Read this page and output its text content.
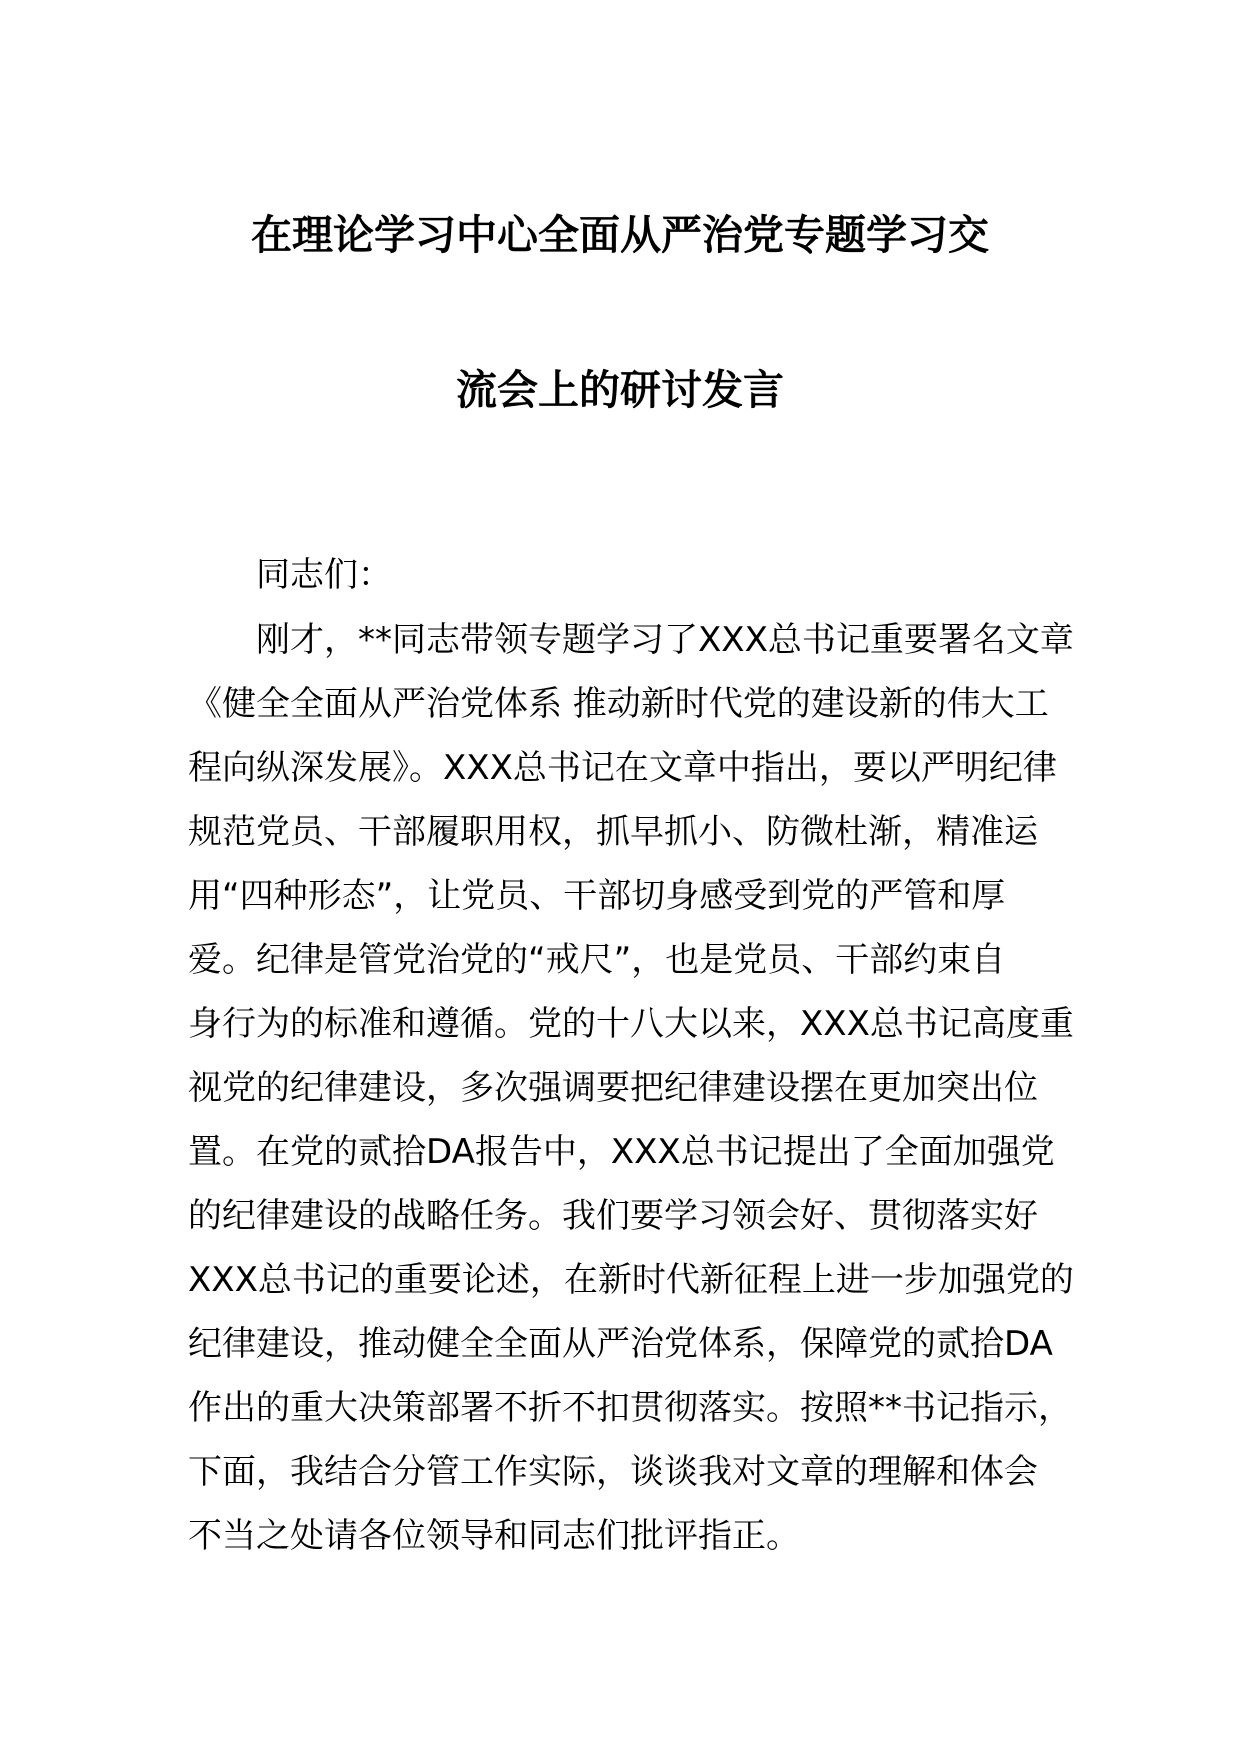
在理论学习中心全面从严治党专题学习交
流会上的研讨发言
同志们：
刚才，**同志带领专题学习了XXX总书记重要署名文章
《健全全面从严治党体系 推动新时代党的建设新的伟大工
程向纵深发展》。XXX总书记在文章中指出，要以严明纪律
规范党员、干部履职用权，抓早抓小、防微杜渐，精准运
用“四种形态”，让党员、干部切身感受到党的严管和厚
爱。纪律是管党治党的“戒尺”，也是党员、干部约束自
身行为的标准和遵循。党的十八大以来，XXX总书记高度重
视党的纪律建设，多次强调要把纪律建设摆在更加突出位
置。在党的贰拾DA报告中，XXX总书记提出了全面加强党
的纪律建设的战略任务。我们要学习领会好、贯彻落实好
XXX总书记的重要论述，在新时代新征程上进一步加强党的
纪律建设，推动健全全面从严治党体系，保障党的贰拾DA
作出的重大决策部署不折不扣贯彻落实。按照**书记指示，
下面，我结合分管工作实际，谈谈我对文章的理解和体会
不当之处请各位领导和同志们批评指正。
